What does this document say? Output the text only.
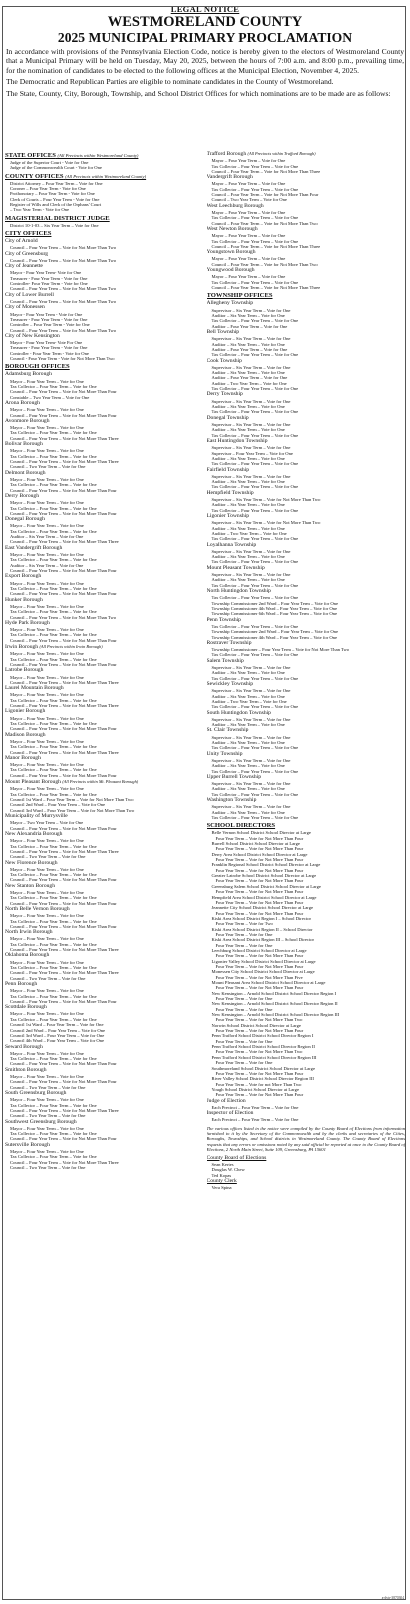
LEGAL NOTICE
WESTMORELAND COUNTY
2025 MUNICIPAL PRIMARY PROCLAMATION

In accordance with provisions of the Pennsylvania Election Code, notice is hereby given to the electors of Westmoreland County that a Municipal Primary will be held on Tuesday, May 20, 2025, between the hours of 7:00 a.m. and 8:00 p.m., prevailing time, for the nomination of candidates to be elected to the following offices at the Municipal Election, November 4, 2025.

The Democratic and Republican Parties are eligible to nominate candidates in the County of Westmoreland.

The State, County, City, Borough, Township, and School District Offices for which nominations are to be made are as follows:

STATE OFFICES (All Precincts within Westmoreland County)
Judge of the Superior Court - Vote for One
Judge of the Commonwealth Court - Vote for One
COUNTY OFFICES (All Precincts within Westmoreland County)
District Attorney – Four Year Term – Vote for One
Coroner – Four Year Term - Vote for One
Prothonotary – Four Year Term - Vote for One
Clerk of Courts – Four Year Term - Vote for One
Register of Wills and Clerk of the Orphans' Court
– Two Year Term - Vote for One
MAGISTERIAL DISTRICT JUDGE
District 10-1-03 – Six Year Term – Vote for One
CITY OFFICES
City of Arnold
Council – Four Year Term – Vote for Not More Than Two
City of Greensburg
Council – Four Year Term – Vote for Not More Than Two
City of Jeannette
Mayor - Four Year Term- Vote for One
Treasurer - Four Year Term - Vote for One
Controller- Four Year Term - Vote for One
Council – Four Year Term – Vote for Not More Than Two
City of Lower Burrell
Council – Four Year Term – Vote for Not More Than Two
City of Monessen
Mayor - Four Year Term - Vote for One
Treasurer - Four Year Term - Vote for One
Controller – Four Year Term - Vote for One
Council – Four Year Term – Vote for Not More Than Two
City of New Kensington
Mayor - Four Year Term- Vote For One
Treasurer - Four Year Term - Vote for One
Controller - Four Year Term - Vote for One
Council - Four Year Term - Vote for Not More Than Two
BOROUGH OFFICES
Adamsburg Borough
Mayor – Four Year Term – Vote for One
Tax Collector – Four Year Term – Vote for One
Council – Four Year Term – Vote for Not More Than Four
Constable – Two Year Term – Vote for One
Arona Borough
Mayor – Four Year Term – Vote for One
Council – Four Year Term – Vote for Not More Than Four
Avonmore Borough
Mayor – Four Year Term – Vote for One
Tax Collector – Four Year Term – Vote for One
Council – Four Year Term – Vote for Not More Than Three
Bolivar Borough
Mayor – Four Year Term – Vote for One
Tax Collector – Four Year Term – Vote for One
Council – Four Year Term – Vote for Not More Than Three
Council – Two Year Term – Vote for One
Delmont Borough
Mayor – Four Year Term – Vote for One
Tax Collector – Four Year Term – Vote for One
Council – Four Year Term – Vote for Not More Than Four
Derry Borough
Mayor – Four Year Term – Vote for One
Tax Collector – Four Year Term – Vote for One
Council – Four Year Term – Vote for Not More Than Four
Donegal Borough
Mayor – Four Year Term – Vote for One
Tax Collector – Four Year Term – Vote for One
Auditor – Six Year Term – Vote for One
Council – Four Year Term – Vote for Not More Than Three
East Vandergrift Borough
Mayor – Four Year Term – Vote for One
Tax Collector – Four Year Term – Vote for One
Auditor – Six Year Term – Vote for One
Council – Four Year Term – Vote for Not More Than Four
Export Borough
Mayor – Four Year Term – Vote for One
Tax Collector – Four Year Term – Vote for One
Council – Four Year Term – Vote for Not More Than Four
Hunker Borough
Mayor – Four Year Term – Vote for One
Tax Collector – Four Year Term – Vote for One
Council – Four Year Term – Vote for Not More Than Two
Hyde Park Borough
Mayor – Four Year Term – Vote for One
Tax Collector – Four Year Term – Vote for One
Council – Four Year Term – Vote for Not More Than Four
Irwin Borough (All Precincts within Irwin Borough)
Mayor – Four Year Term – Vote for One
Tax Collector – Four Year Term – Vote for One
Council – Four Year Term – Vote for Not More Than Four
Latrobe Borough
Mayor – Four Year Term – Vote for One
Council – Four Year Term – Vote for Not More Than Three
Laurel Mountain Borough
Mayor – Four Year Term – Vote for One
Tax Collector – Four Year Term – Vote for One
Council – Four Year Term – Vote for Not More Than Three
Ligonier Borough
Mayor – Four Year Term – Vote for One
Tax Collector – Four Year Term – Vote for One
Council – Four Year Term – Vote for Not More Than Four
Madison Borough
Mayor – Four Year Term – Vote for One
Tax Collector – Four Year Term – Vote for One
Council – Four Year Term – Vote for Not More Than Three
Manor Borough
Mayor – Four Year Term – Vote for One
Tax Collector – Four Year Term – Vote for One
Council – Four Year Term – Vote for Not More Than Four
Mount Pleasant Borough (All Precincts within Mt. Pleasant Borough)
Mayor – Four Year Term – Vote for One
Tax Collector – Four Year Term – Vote for One
Council 1st Ward – Four Year Term – Vote for Not More Than Two
Council 2nd Ward – Four Year Term – Vote for One
Council 3rd Ward – Four Year Term – Vote for Not More Than Two
Municipality of Murrysville
Mayor – Two Year Term – Vote for One
Council – Four Year Term – Vote for Not More Than Four
New Alexandria Borough
Mayor – Four Year Term – Vote for One
Tax Collector – Four Year Term – Vote for One
Council – Four Year Term – Vote for Not More Than Three
Council – Two Year Term – Vote for One
New Florence Borough
Mayor – Four Year Term – Vote for One
Tax Collector – Four Year Term – Vote for One
Council – Four Year Term – Vote for Not More Than Four
New Stanton Borough
Mayor – Four Year Term – Vote for One
Tax Collector – Four Year Term – Vote for One
Council – Four Year Term – Vote for Not More Than Four
North Belle Vernon Borough
Mayor – Four Year Term – Vote for One
Tax Collector – Four Year Term – Vote for One
Council – Four Year Term – Vote for Not More Than Four
North Irwin Borough
Mayor – Four Year Term – Vote for One
Tax Collector – Four Year Term – Vote for One
Council – Four Year Term – Vote for Not More Than Three
Oklahoma Borough
Mayor – Four Year Term – Vote for One
Tax Collector – Four Year Term – Vote for One
Council – Four Year Term – Vote for Not More Than Three
Council – Two Year Term – Vote for One
Penn Borough
Mayor – Four Year Term – Vote for One
Tax Collector – Four Year Term – Vote for One
Council – Four Year Term – Vote for Not More Than Four
Scottdale Borough
Mayor – Four Year Term – Vote for One
Tax Collector – Four Year Term – Vote for One
Council 1st Ward – Four Year Term – Vote for One
Council 2nd Ward – Four Year Term – Vote for One
Council 3rd Ward – Four Year Term – Vote for One
Council 4th Ward – Four Year Term – Vote for One
Seward Borough
Mayor – Four Year Term – Vote for One
Tax Collector – Four Year Term – Vote for One
Council – Four Year Term – Vote for Not More Than Four
Smithton Borough
Mayor – Four Year Term – Vote for One
Council – Four Year Term – Vote for Not More Than Four
Council – Two Year Term – Vote for One
South Greensburg Borough
Mayor – Four Year Term – Vote for One
Tax Collector – Four Year Term – Vote for One
Council – Four Year Term – Vote for Not More Than Three
Council – Two Year Term – Vote for One
Southwest Greensburg Borough
Mayor – Four Year Term – Vote for One
Tax Collector – Four Year Term – Vote for One
Council – Four Year Term – Vote for Not More Than Four
Sutersville Borough
Mayor – Four Year Term – Vote for One
Tax Collector – Four Year Term – Vote for One
Council – Four Year Term – Vote for Not More Than Three
Council – Two Year Term – Vote for One
Trafford Borough (All Precincts within Trafford Borough)
Mayor – Four Year Term – Vote for One
Tax Collector – Four Year Term – Vote for One
Council – Four Year Term – Vote for Not More Than Three
Vandergrift Borough
Mayor – Four Year Term – Vote for One
Tax Collector – Four Year Term – Vote for One
Council – Four Year Term – Vote for Not More Than Four
Council – Two Year Term – Vote for One
West Leechburg Borough
Mayor – Four Year Term – Vote for One
Tax Collector – Four Year Term – Vote for One
Council – Four Year Term – Vote for Not More Than Two
West Newton Borough
Mayor – Four Year Term – Vote for One
Tax Collector – Four Year Term – Vote for One
Council – Four Year Term – Vote for Not More Than Three
Youngstown Borough
Mayor – Four Year Term – Vote for One
Council – Four Year Term – Vote for Not More Than Two
Youngwood Borough
Mayor – Four Year Term – Vote for One
Tax Collector – Four Year Term – Vote for One
Council – Four Year Term – Vote for Not More Than Three
TOWNSHIP OFFICES
Allegheny Township
Supervisor – Six Year Term – Vote for One
Auditor – Six Year Term – Vote for One
Tax Collector – Four Year Term – Vote for One
Auditor – Four Year Term – Vote for One
Bell Township
Supervisor – Six Year Term – Vote for One
Auditor – Six Year Term – Vote for One
Auditor – Four Year Term – Vote for One
Tax Collector – Four Year Term – Vote for One
Cook Township
Supervisor – Six Year Term – Vote for One
Auditor – Six Year Term – Vote for One
Auditor – Four Year Term – Vote for One
Auditor – Two Year Term – Vote for One
Tax Collector – Four Year Term – Vote for One
Derry Township
Supervisor – Six Year Term – Vote for One
Auditor – Six Year Term – Vote for One
Tax Collector – Four Year Term – Vote for One
Donegal Township
Supervisor – Six Year Term – Vote for One
Auditor – Six Year Term – Vote for One
Tax Collector – Four Year Term – Vote for One
East Huntingdon Township
Supervisor – Six Year Term – Vote for One
Supervisor – Four Year Term – Vote for One
Auditor – Six Year Term – Vote for One
Tax Collector – Four Year Term – Vote for One
Fairfield Township
Supervisor – Six Year Term – Vote for One
Auditor – Six Year Term – Vote for One
Tax Collector – Four Year Term – Vote for One
Hempfield Township
Supervisor – Six Year Term – Vote for Not More Than Two
Auditor – Six Year Term – Vote for One
Tax Collector – Four Year Term – Vote for One
Ligonier Township
Supervisor – Six Year Term – Vote for Not More Than Two
Auditor – Six Year Term – Vote for One
Auditor – Two Year Term – Vote for One
Tax Collector – Four Year Term – Vote for One
Loyalhanna Township
Supervisor – Six Year Term – Vote for One
Auditor – Six Year Term – Vote for One
Tax Collector – Four Year Term – Vote for One
Mount Pleasant Township
Supervisor – Six Year Term – Vote for One
Auditor – Six Year Term – Vote for One
Tax Collector – Four Year Term – Vote for One
North Huntingdon Township
Tax Collector – Four Year Term – Vote for One
Township Commissioner 2nd Ward – Four Year Term – Vote for One
Township Commissioner 4th Ward – Four Year Term – Vote for One
Township Commissioner 6th Ward – Four Year Term – Vote for One
Penn Township
Tax Collector – Four Year Term – Vote for One
Township Commissioner 2nd Ward – Four Year Term – Vote for One
Township Commissioner 4th Ward – Four Year Term – Vote for One
Rostraver Township
Township Commissioner – Four Year Term – Vote for Not More Than Two
Tax Collector – Four Year Term – Vote for One
Salem Township
Supervisor – Six Year Term – Vote for One
Auditor – Six Year Term – Vote for One
Tax Collector – Four Year Term – Vote for One
Sewickley Township
Supervisor – Six Year Term – Vote for One
Auditor – Six Year Term – Vote for One
Auditor – Two Year Term – Vote for One
Tax Collector – Four Year Term – Vote for One
South Huntingdon Township
Supervisor – Six Year Term – Vote for One
Auditor – Six Year Term – Vote for One
St. Clair Township
Supervisor – Six Year Term – Vote for One
Auditor – Six Year Term – Vote for One
Tax Collector – Four Year Term – Vote for One
Unity Township
Supervisor – Six Year Term – Vote for One
Auditor – Six Year Term – Vote for One
Tax Collector – Four Year Term – Vote for One
Upper Burrell Township
Supervisor – Six Year Term – Vote for One
Auditor – Six Year Term – Vote for One
Tax Collector – Four Year Term – Vote for One
Washington Township
Supervisor – Six Year Term – Vote for One
Auditor – Six Year Term – Vote for One
Tax Collector – Four Year Term – Vote for One
SCHOOL DIRECTORS
Belle Vernon School District School Director at Large
Four Year Term – Vote for Not More Than Four
Burrell School District School Director at Large
Four Year Term – Vote for Not More Than Four
Derry Area School District School Director at Large
Four Year Term – Vote for Not More Than Four
Franklin Regional School District School Director at Large
Four Year Term – Vote for Not More Than Four
Greater Latrobe School District School Director at Large
Four Year Term – Vote for Not More Than Four
Greensburg Salem School District School Director at Large
Four Year Term – Vote for Not More Than Four
Hempfield Area School District School Director at Large
Four Year Term – Vote for Not More Than Four
Jeannette City School District School Director at Large
Four Year Term – Vote for Not More Than Four
Kiski Area School District Region I – School Director
Four Year Term – Vote for Two
Kiski Area School District Region II – School Director
Four Year Term – Vote for One
Kiski Area School District Region III – School Director
Four Year Term – Vote for One
Leechburg School District School Director at Large
Four Year Term – Vote for Not More Than Four
Ligonier Valley School District School Director at Large
Four Year Term – Vote for Not More Than Four
Monessen City School District School Director at Large
Four Year Term – Vote for Not More Than Five
Mount Pleasant Area School District School Director at Large
Four Year Term – Vote for Not More Than Four
New Kensington – Arnold School District School Director Region I
Four Year Term – Vote for One
New Kensington – Arnold School District School Director Region II
Four Year Term – Vote for One
New Kensington – Arnold School District School Director Region III
Four Year Term – Vote for Not More Than Two
Norwin School District School Director at Large
Four Year Term – Vote for Not More Than Four
Penn Trafford School District School Director Region I
Four Year Term – Vote for One
Penn Trafford School District School Director Region II
Four Year Term – Vote for Not More Than Two
Penn Trafford School District School Director Region III
Four Year Term – Vote for One
Southmoreland School District School Director at Large
Four Year Term – Vote for Not More Than Four
River Valley School District School Director Region III
Four Year Term – Vote for not More Than Two
Yough School District School Director at Large
Four Year Term – Vote for Not More Than Four
Judge of Election
Each Precinct – Four Year Term – Vote for One
Inspector of Election
Each Precinct – Four Year Term – Vote for One
The various offices listed in the notice were compiled by the County Board of Elections from information furnished to it by the Secretary of the Commonwealth and by the clerks and secretaries of the Cities, Boroughs, Townships, and School districts in Westmoreland County. The County Board of Elections requests that any errors or omissions noted by any said official be reported at once to the County Board of Elections, 2 North Main Street, Suite 109, Greensburg, PA 15601
County Board of Elections
Sean Kertes
Douglas W. Chew
Ted Kopas
County Clerk
Vera Spina
a-dvtr-3870304
